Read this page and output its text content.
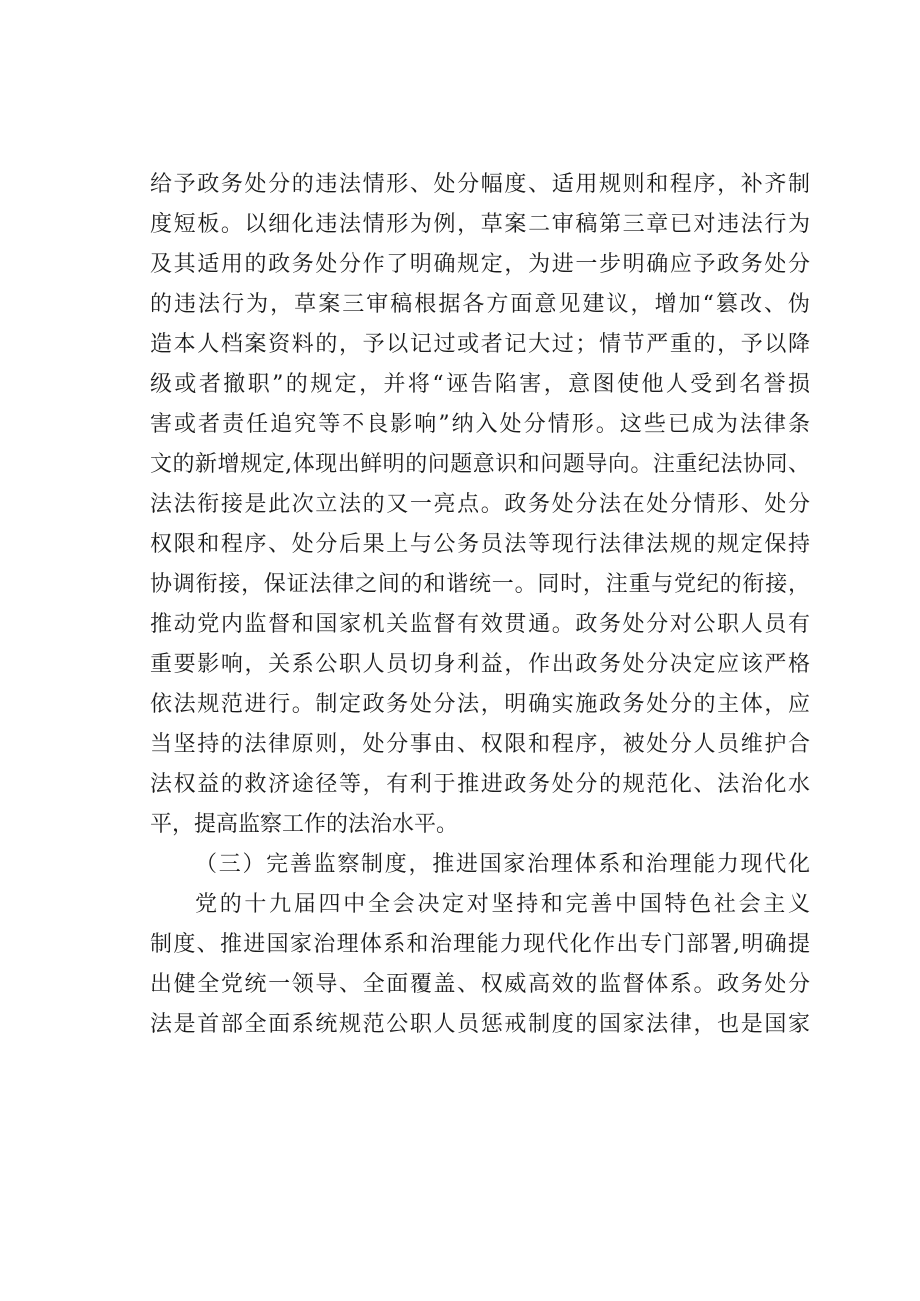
给予政务处分的违法情形、处分幅度、适用规则和程序，补齐制
度短板。以细化违法情形为例，草案二审稿第三章已对违法行为
及其适用的政务处分作了明确规定，为进一步明确应予政务处分
的违法行为，草案三审稿根据各方面意见建议，增加“篡改、伪
造本人档案资料的，予以记过或者记大过；情节严重的，予以降
级或者撤职”的规定，并将“诬告陷害，意图使他人受到名誉损
害或者责任追究等不良影响”纳入处分情形。这些已成为法律条
文的新增规定,体现出鲜明的问题意识和问题导向。注重纪法协同、
法法衔接是此次立法的又一亮点。政务处分法在处分情形、处分
权限和程序、处分后果上与公务员法等现行法律法规的规定保持
协调衔接，保证法律之间的和谐统一。同时，注重与党纪的衔接，
推动党内监督和国家机关监督有效贯通。政务处分对公职人员有
重要影响，关系公职人员切身利益，作出政务处分决定应该严格
依法规范进行。制定政务处分法，明确实施政务处分的主体，应
当坚持的法律原则，处分事由、权限和程序，被处分人员维护合
法权益的救济途径等，有利于推进政务处分的规范化、法治化水
平，提高监察工作的法治水平。
（三）完善监察制度，推进国家治理体系和治理能力现代化
党的十九届四中全会决定对坚持和完善中国特色社会主义
制度、推进国家治理体系和治理能力现代化作出专门部署,明确提
出健全党统一领导、全面覆盖、权威高效的监督体系。政务处分
法是首部全面系统规范公职人员惩戒制度的国家法律，也是国家
